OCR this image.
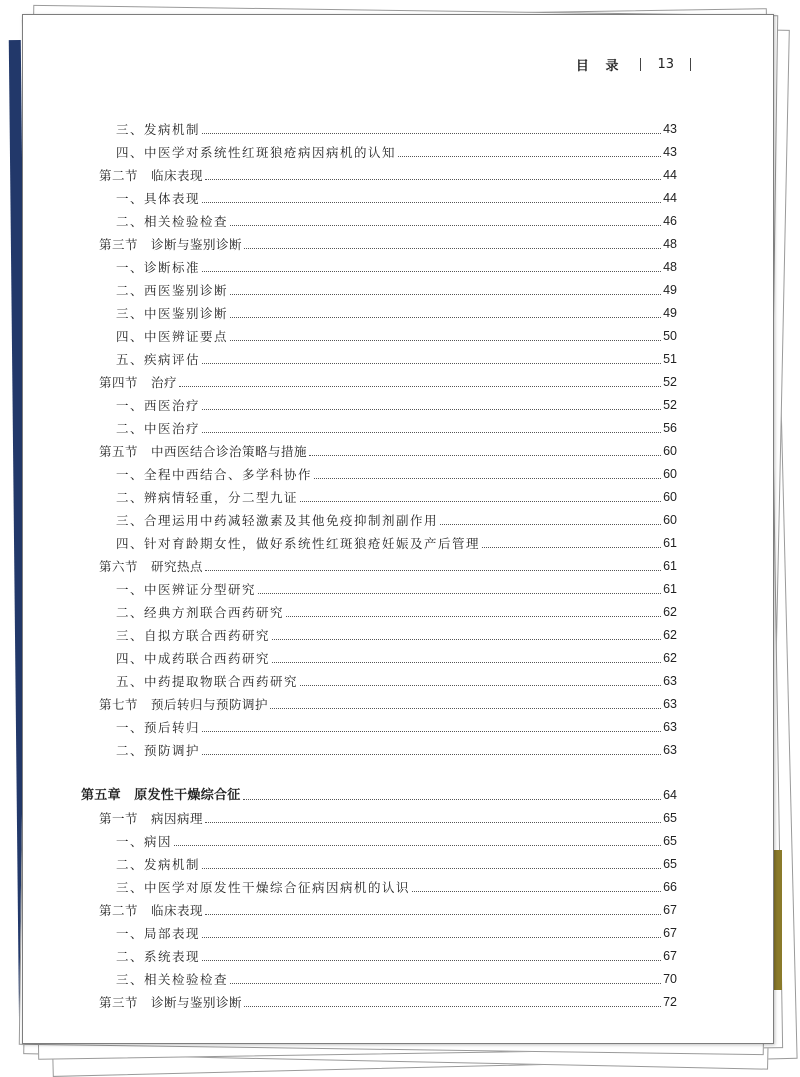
目 录	13
三、发病机制	43
四、中医学对系统性红斑狼疮病因病机的认知	43
第二节　临床表现	44
一、具体表现	44
二、相关检验检查	46
第三节　诊断与鉴别诊断	48
一、诊断标准	48
二、西医鉴别诊断	49
三、中医鉴别诊断	49
四、中医辨证要点	50
五、疾病评估	51
第四节　治疗	52
一、西医治疗	52
二、中医治疗	56
第五节　中西医结合诊治策略与措施	60
一、全程中西结合、多学科协作	60
二、辨病情轻重，分二型九证	60
三、合理运用中药减轻激素及其他免疫抑制剂副作用	60
四、针对育龄期女性，做好系统性红斑狼疮妊娠及产后管理	61
第六节　研究热点	61
一、中医辨证分型研究	61
二、经典方剂联合西药研究	62
三、自拟方联合西药研究	62
四、中成药联合西药研究	62
五、中药提取物联合西药研究	63
第七节　预后转归与预防调护	63
一、预后转归	63
二、预防调护	63
第五章　原发性干燥综合征	64
第一节　病因病理	65
一、病因	65
二、发病机制	65
三、中医学对原发性干燥综合征病因病机的认识	66
第二节　临床表现	67
一、局部表现	67
二、系统表现	67
三、相关检验检查	70
第三节　诊断与鉴别诊断	72
